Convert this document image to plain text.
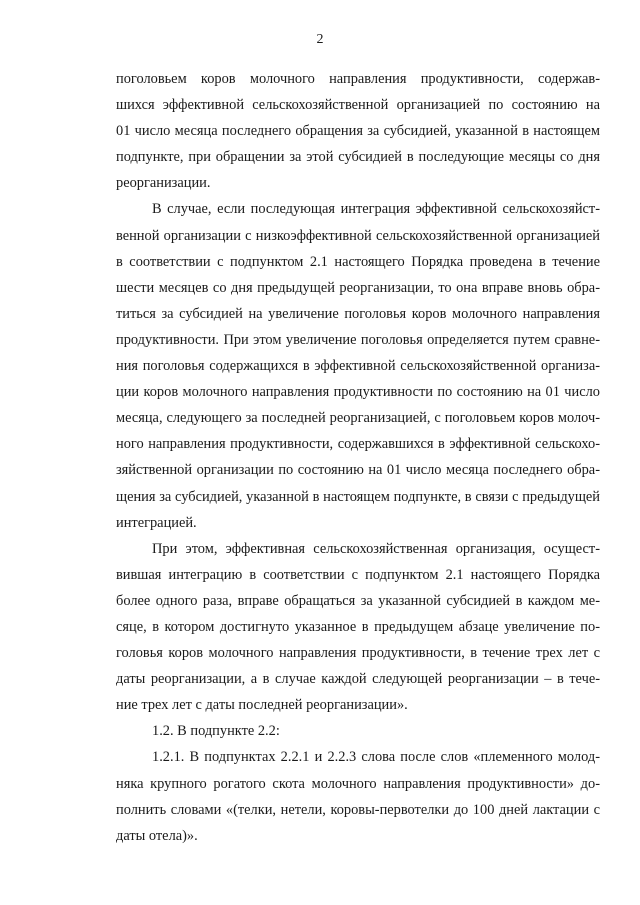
2
поголовьем коров молочного направления продуктивности, содержав-
шихся эффективной сельскохозяйственной организацией по состоянию на
01 число месяца последнего обращения за субсидией, указанной в настоящем
подпункте, при обращении за этой субсидией в последующие месяцы со дня
реорганизации.
В случае, если последующая интеграция эффективной сельскохозяйст-
венной организации с низкоэффективной сельскохозяйственной организацией
в соответствии с подпунктом 2.1 настоящего Порядка проведена в течение
шести месяцев со дня предыдущей реорганизации, то она вправе вновь обра-
титься за субсидией на увеличение поголовья коров молочного направления
продуктивности. При этом увеличение поголовья определяется путем сравне-
ния поголовья содержащихся в эффективной сельскохозяйственной организа-
ции коров молочного направления продуктивности по состоянию на 01 число
месяца, следующего за последней реорганизацией, с поголовьем коров молоч-
ного направления продуктивности, содержавшихся в эффективной сельскохо-
зяйственной организации по состоянию на 01 число месяца последнего обра-
щения за субсидией, указанной в настоящем подпункте, в связи с предыдущей
интеграцией.
При этом, эффективная сельскохозяйственная организация, осущест-
вившая интеграцию в соответствии с подпунктом 2.1 настоящего Порядка
более одного раза, вправе обращаться за указанной субсидией в каждом ме-
сяце, в котором достигнуто указанное в предыдущем абзаце увеличение по-
головья коров молочного направления продуктивности, в течение трех лет с
даты реорганизации, а в случае каждой следующей реорганизации – в тече-
ние трех лет с даты последней реорганизации».
1.2. В подпункте 2.2:
1.2.1. В подпунктах 2.2.1 и 2.2.3 слова после слов «племенного молод-
няка крупного рогатого скота молочного направления продуктивности» до-
полнить словами «(телки, нетели, коровы-первотелки до 100 дней лактации с
даты отела)».
